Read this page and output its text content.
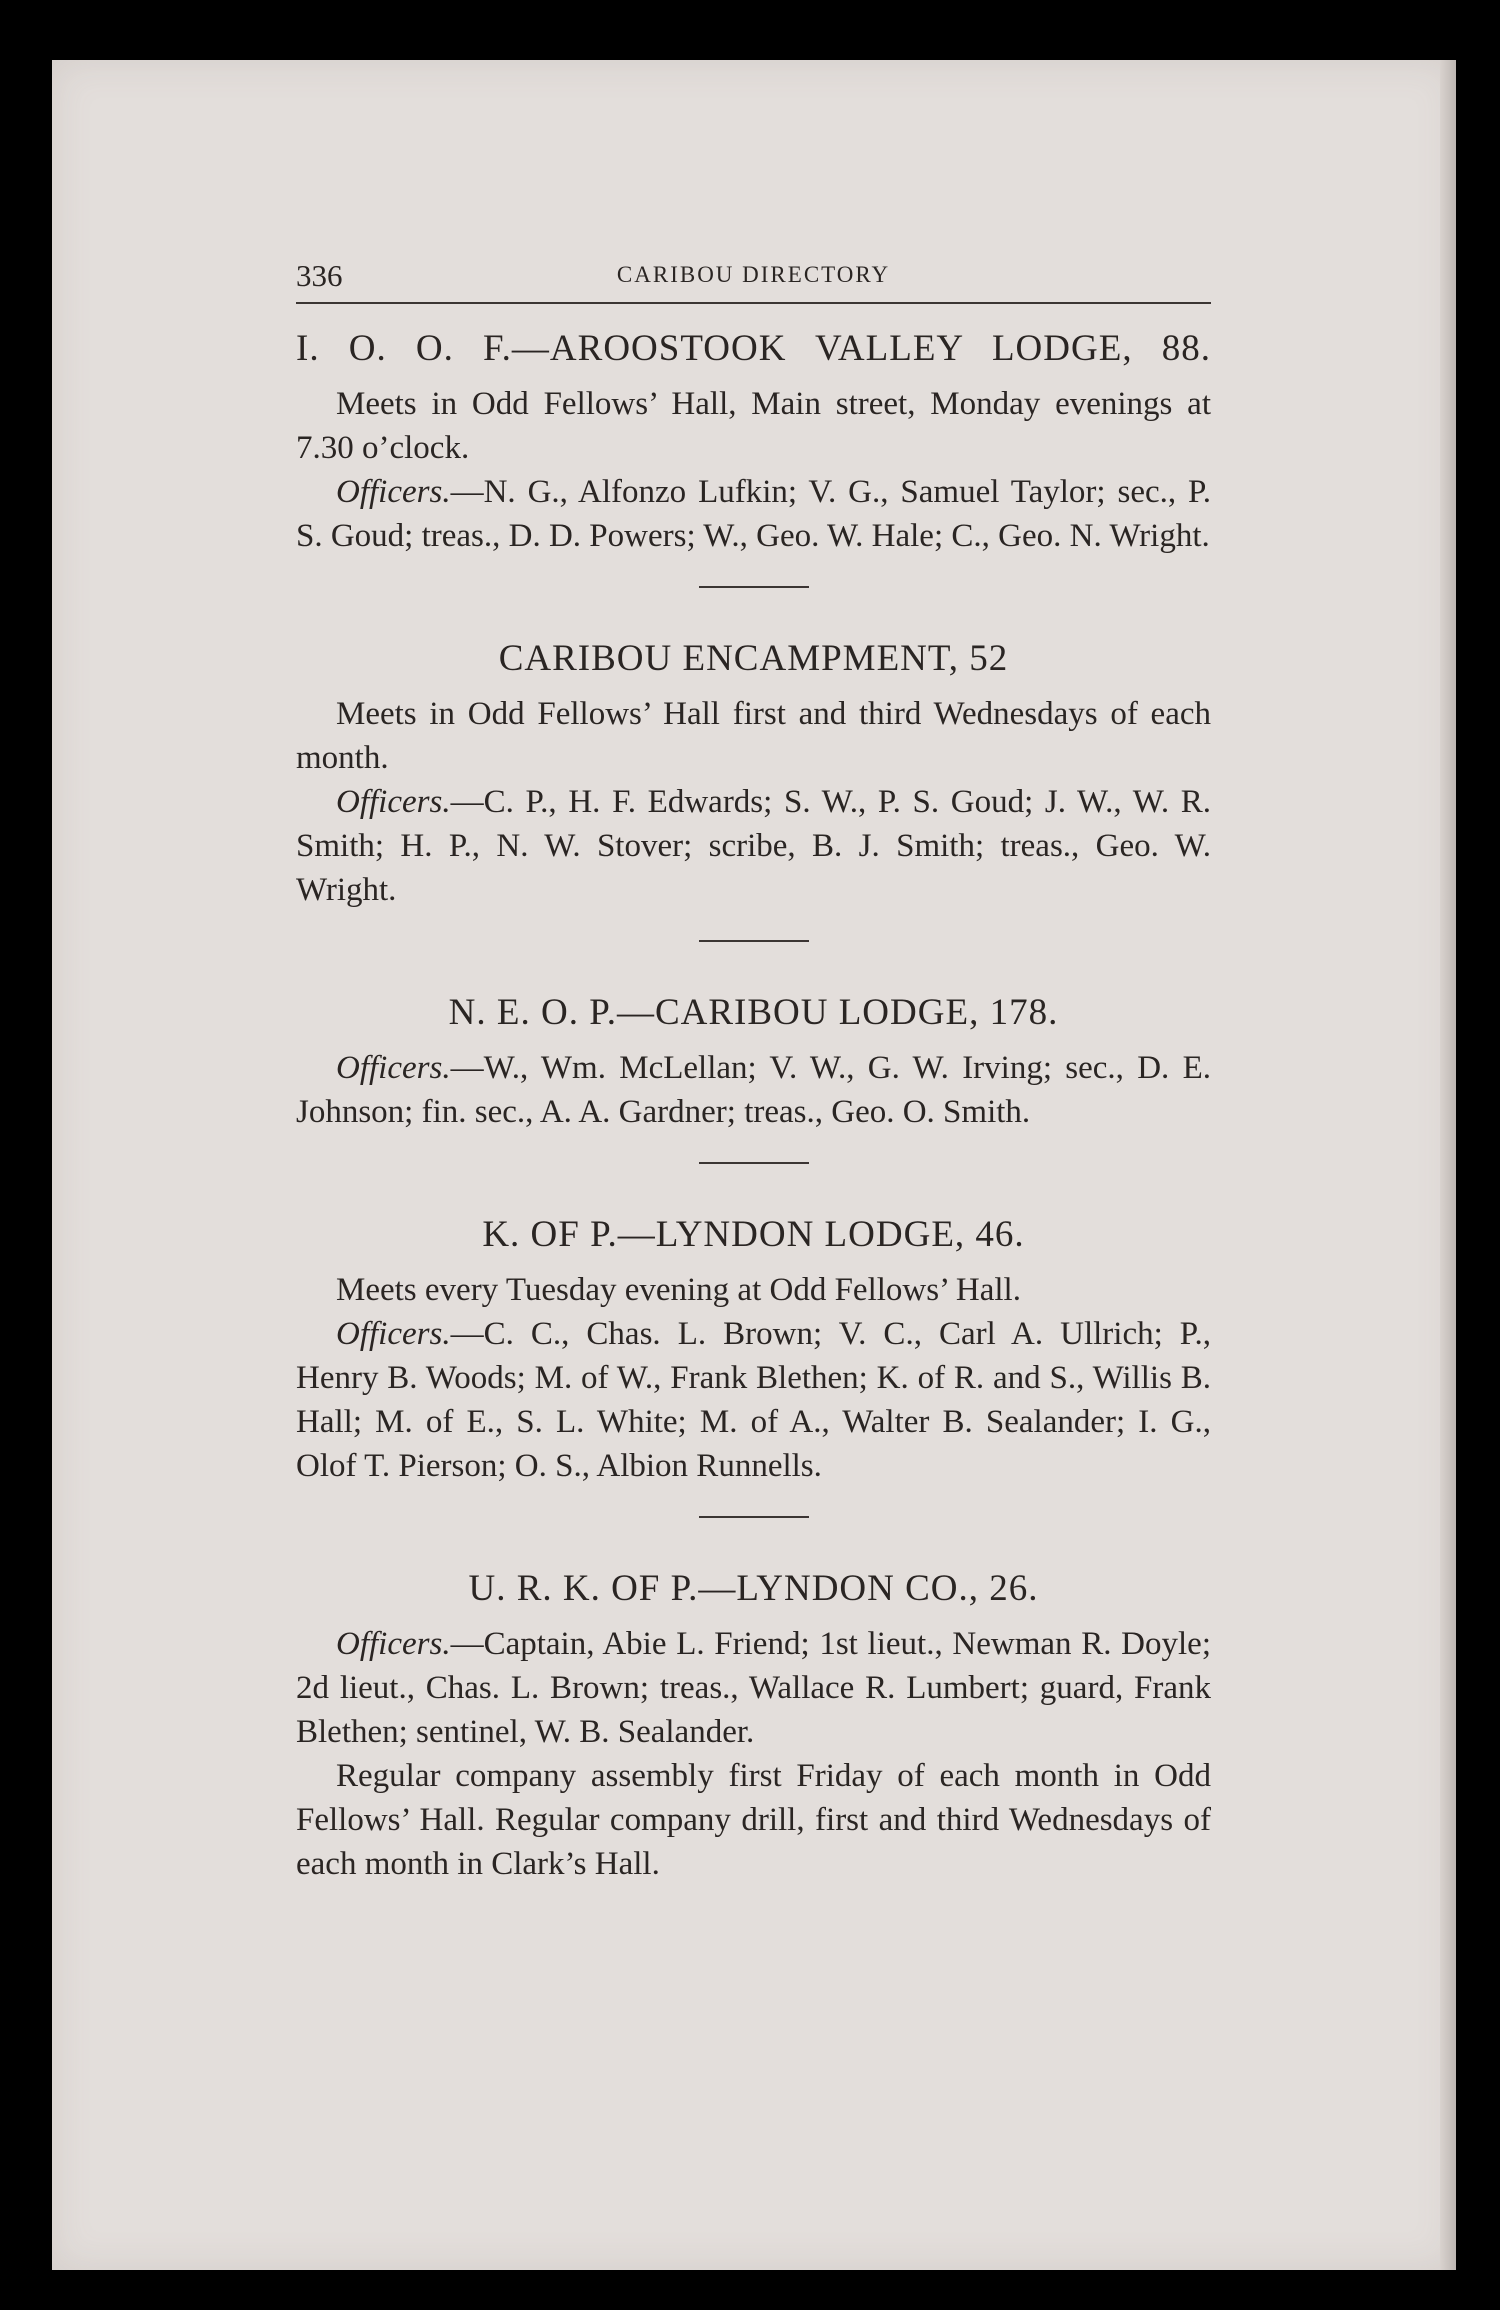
336	CARIBOU DIRECTORY

I. O. O. F.—AROOSTOOK VALLEY LODGE, 88.

Meets in Odd Fellows’ Hall, Main street, Monday evenings at 7.30 o’clock.

Officers.—N. G., Alfonzo Lufkin; V. G., Samuel Taylor; sec., P. S. Goud; treas., D. D. Powers; W., Geo. W. Hale; C., Geo. N. Wright.

CARIBOU ENCAMPMENT, 52

Meets in Odd Fellows’ Hall first and third Wednesdays of each month.

Officers.—C. P., H. F. Edwards; S. W., P. S. Goud; J. W., W. R. Smith; H. P., N. W. Stover; scribe, B. J. Smith; treas., Geo. W. Wright.

N. E. O. P.—CARIBOU LODGE, 178.

Officers.—W., Wm. McLellan; V. W., G. W. Irving; sec., D. E. Johnson; fin. sec., A. A. Gardner; treas., Geo. O. Smith.

K. OF P.—LYNDON LODGE, 46.

Meets every Tuesday evening at Odd Fellows’ Hall.

Officers.—C. C., Chas. L. Brown; V. C., Carl A. Ullrich; P., Henry B. Woods; M. of W., Frank Blethen; K. of R. and S., Willis B. Hall; M. of E., S. L. White; M. of A., Walter B. Sealander; I. G., Olof T. Pierson; O. S., Albion Runnells.

U. R. K. OF P.—LYNDON CO., 26.

Officers.—Captain, Abie L. Friend; 1st lieut., Newman R. Doyle; 2d lieut., Chas. L. Brown; treas., Wallace R. Lumbert; guard, Frank Blethen; sentinel, W. B. Sealander.

Regular company assembly first Friday of each month in Odd Fellows’ Hall. Regular company drill, first and third Wednesdays of each month in Clark’s Hall.
